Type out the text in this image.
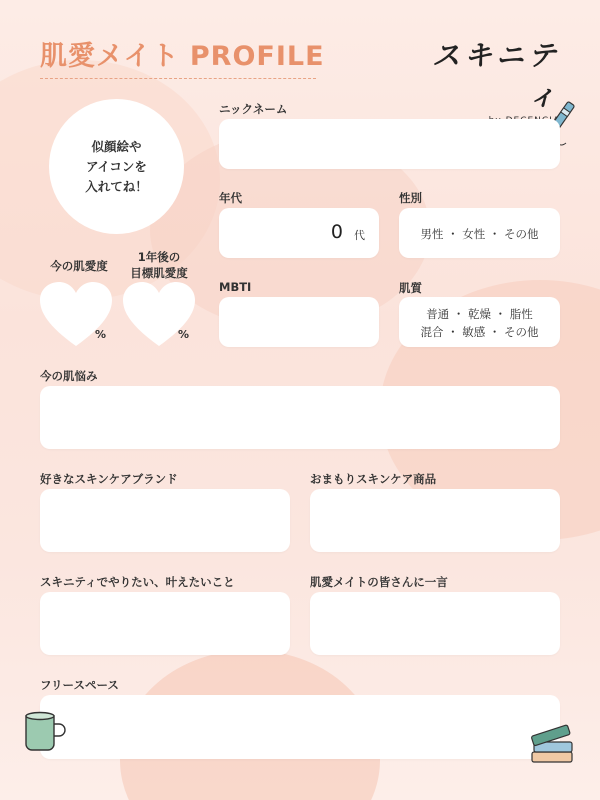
肌愛メイト PROFILE	スキニティ
似顔絵や
アイコンを
入れてね！
ニックネーム
年代
0 代
性別
男性 ・ 女性 ・ その他
今の肌愛度
1年後の
目標肌愛度
%	%
MBTI	肌質
普通 ・ 乾燥 ・ 脂性
混合 ・ 敏感 ・ その他
今の肌悩み
好きなスキンケアブランド	おまもりスキンケア商品
スキニティでやりたい、叶えたいこと	肌愛メイトの皆さんに一言
フリースペース
